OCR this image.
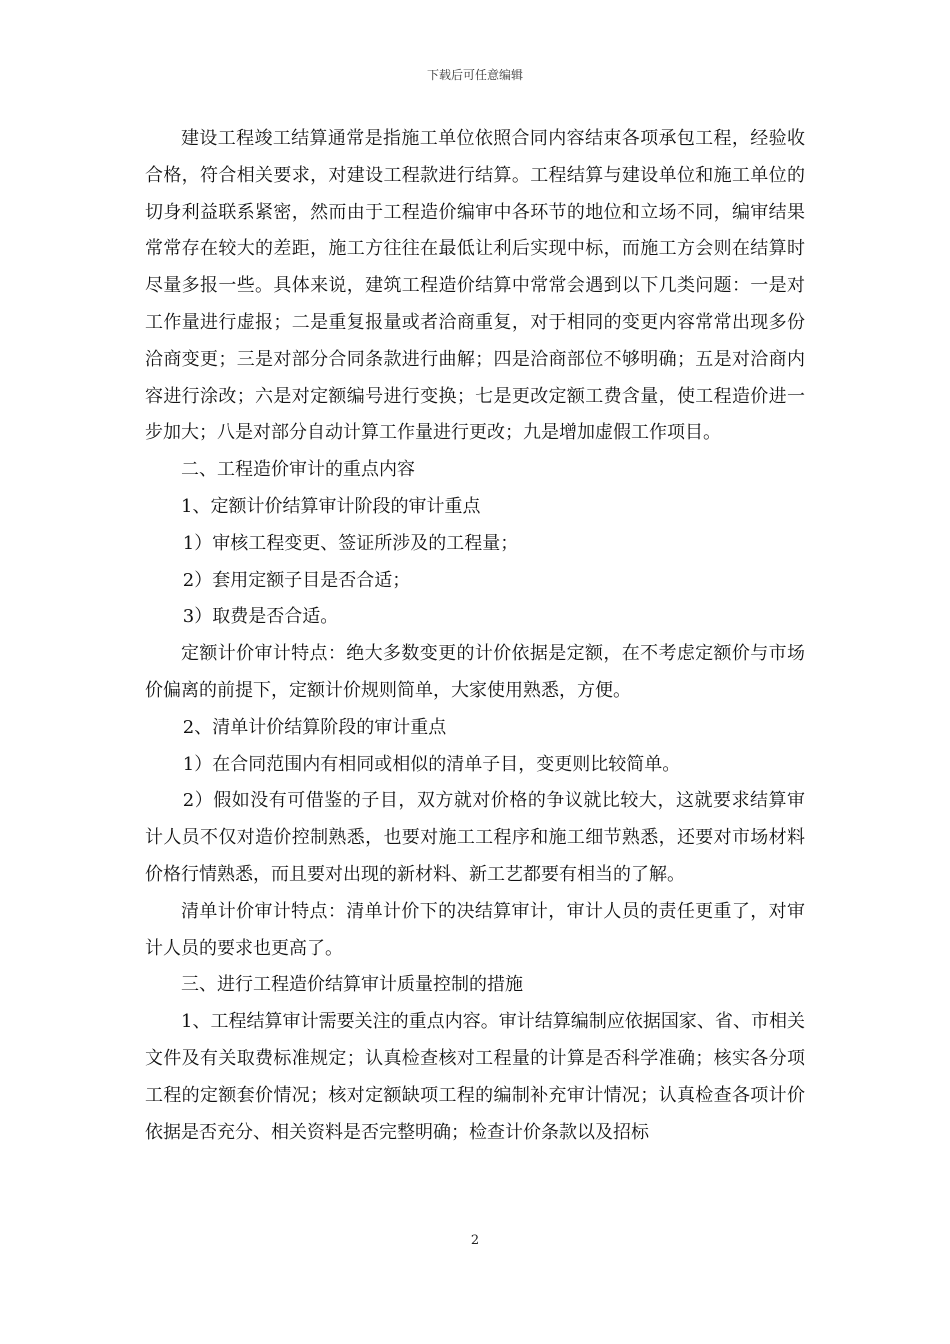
下载后可任意编辑

建设工程竣工结算通常是指施工单位依照合同内容结束各项承包工程，经验收合格，符合相关要求，对建设工程款进行结算。工程结算与建设单位和施工单位的切身利益联系紧密，然而由于工程造价编审中各环节的地位和立场不同，编审结果常常存在较大的差距，施工方往往在最低让利后实现中标，而施工方会则在结算时尽量多报一些。具体来说，建筑工程造价结算中常常会遇到以下几类问题：一是对工作量进行虚报；二是重复报量或者洽商重复，对于相同的变更内容常常出现多份洽商变更；三是对部分合同条款进行曲解；四是洽商部位不够明确；五是对洽商内容进行涂改；六是对定额编号进行变换；七是更改定额工费含量，使工程造价进一步加大；八是对部分自动计算工作量进行更改；九是增加虚假工作项目。

二、工程造价审计的重点内容

1、定额计价结算审计阶段的审计重点

1）审核工程变更、签证所涉及的工程量；

2）套用定额子目是否合适；

3）取费是否合适。

定额计价审计特点：绝大多数变更的计价依据是定额，在不考虑定额价与市场价偏离的前提下，定额计价规则简单，大家使用熟悉，方便。

2、清单计价结算阶段的审计重点

1）在合同范围内有相同或相似的清单子目，变更则比较简单。

2）假如没有可借鉴的子目，双方就对价格的争议就比较大，这就要求结算审计人员不仅对造价控制熟悉，也要对施工工程序和施工细节熟悉，还要对市场材料价格行情熟悉，而且要对出现的新材料、新工艺都要有相当的了解。

清单计价审计特点：清单计价下的决结算审计，审计人员的责任更重了，对审计人员的要求也更高了。

三、进行工程造价结算审计质量控制的措施

1、工程结算审计需要关注的重点内容。审计结算编制应依据国家、省、市相关文件及有关取费标准规定；认真检查核对工程量的计算是否科学准确；核实各分项工程的定额套价情况；核对定额缺项工程的编制补充审计情况；认真检查各项计价依据是否充分、相关资料是否完整明确；检查计价条款以及招标

2
